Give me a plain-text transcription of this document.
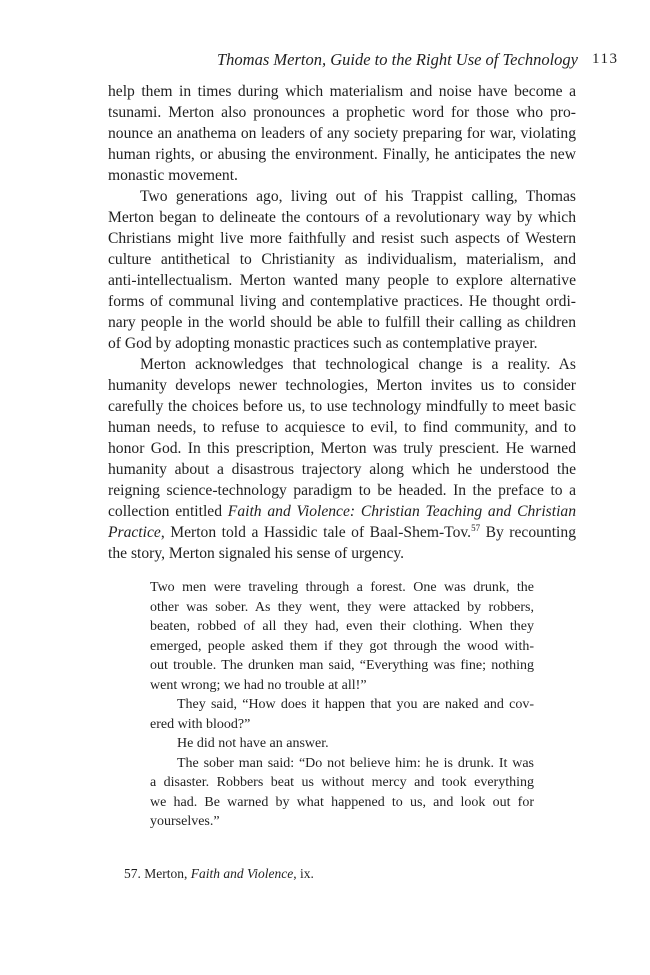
Thomas Merton, Guide to the Right Use of Technology 113
help them in times during which materialism and noise have become a
tsunami. Merton also pronounces a prophetic word for those who pro-
nounce an anathema on leaders of any society preparing for war, violating
human rights, or abusing the environment. Finally, he anticipates the new
monastic movement.
Two generations ago, living out of his Trappist calling, Thomas
Merton began to delineate the contours of a revolutionary way by which
Christians might live more faithfully and resist such aspects of Western
culture antithetical to Christianity as individualism, materialism, and
anti-intellectualism. Merton wanted many people to explore alternative
forms of communal living and contemplative practices. He thought ordi-
nary people in the world should be able to fulfill their calling as children
of God by adopting monastic practices such as contemplative prayer.
Merton acknowledges that technological change is a reality. As
humanity develops newer technologies, Merton invites us to consider
carefully the choices before us, to use technology mindfully to meet basic
human needs, to refuse to acquiesce to evil, to find community, and to
honor God. In this prescription, Merton was truly prescient. He warned
humanity about a disastrous trajectory along which he understood the
reigning science-technology paradigm to be headed. In the preface to a
collection entitled Faith and Violence: Christian Teaching and Christian
Practice, Merton told a Hassidic tale of Baal-Shem-Tov.$^{57}$ By recounting
the story, Merton signaled his sense of urgency.
Two men were traveling through a forest. One was drunk, the
other was sober. As they went, they were attacked by robbers,
beaten, robbed of all they had, even their clothing. When they
emerged, people asked them if they got through the wood with-
out trouble. The drunken man said, “Everything was fine; nothing
went wrong; we had no trouble at all!”
They said, “How does it happen that you are naked and cov-
ered with blood?”
He did not have an answer.
The sober man said: “Do not believe him: he is drunk. It was
a disaster. Robbers beat us without mercy and took everything
we had. Be warned by what happened to us, and look out for
yourselves.”
57. Merton, Faith and Violence, ix.
